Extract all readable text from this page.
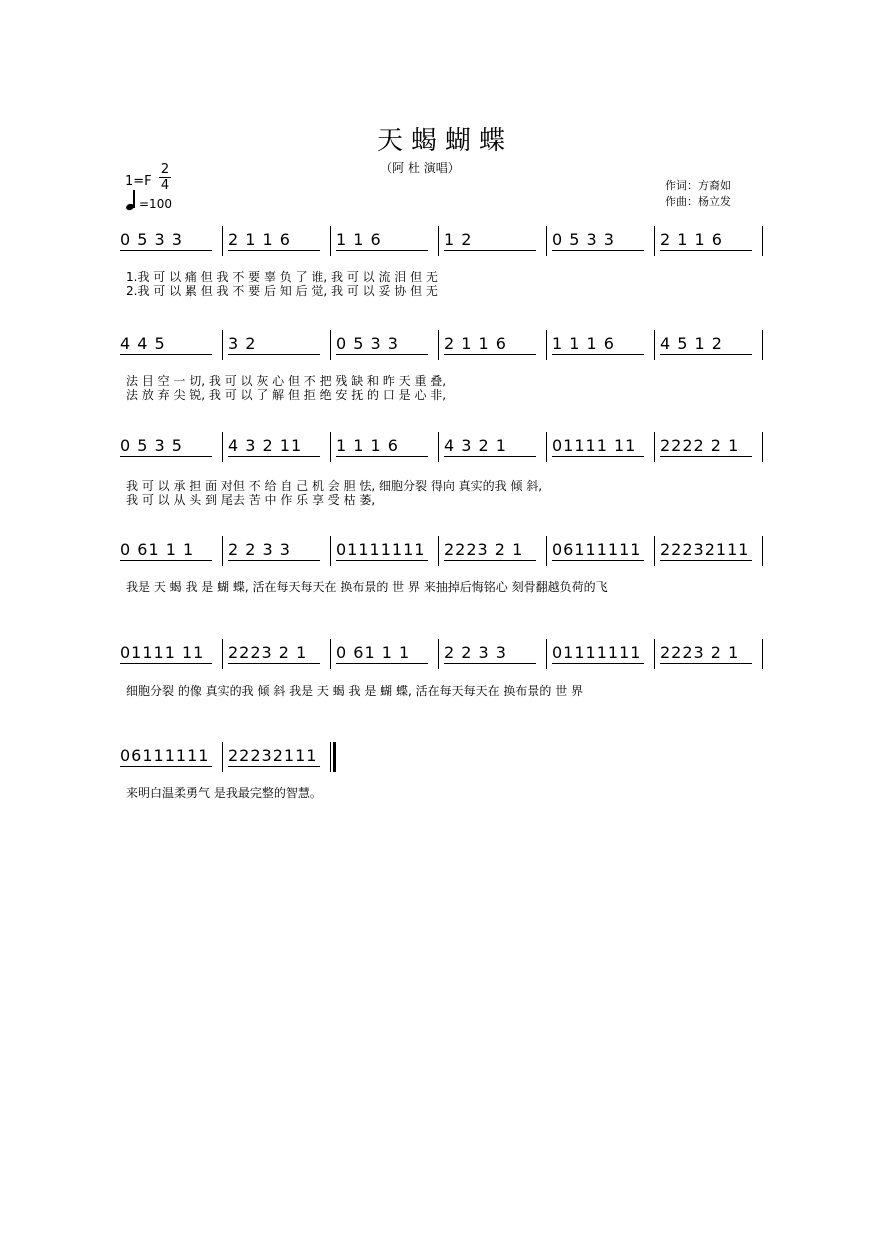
天蝎蝴蝶
（阿 杜 演唱）
1=F
2
4
=100
作词：方裔如
作曲：杨立发
0 5 3 3	2 1 1 6	1 1 6	1 2	0 5 3 3	2 1 1 6
1.我 可 以 痛 但 我 不 要 辜 负 了 谁, 我 可 以 流 泪 但 无
2.我 可 以 累 但 我 不 要 后 知 后 觉, 我 可 以 妥 协 但 无
4 4 5	3 2	0 5 3 3	2 1 1 6	1 1 1 6	4 5 1 2
法 目 空 一 切, 我 可 以 灰 心 但 不 把 残 缺 和 昨 天 重 叠,
法 放 弃 尖 锐, 我 可 以 了 解 但 拒 绝 安 抚 的 口 是 心 非,
0 5 3 5	4 3 2 11	1 1 1 6	4 3 2 1	01111 11	2222 2 1
我 可 以 承 担 面 对但 不 给 自 己 机 会 胆 怯, 细胞分裂 得向 真实的我 倾 斜,
我 可 以 从 头 到 尾去 苦 中 作 乐 享 受 枯 萎,
0 61 1 1	2 2 3 3	01111111	2223 2 1	06111111	22232111
我是 天 蝎 我 是 蝴 蝶, 活在每天每天在 换布景的 世 界 来抽掉后悔铭心 刻骨翻越负荷的飞
01111 11	2223 2 1	0 61 1 1	2 2 3 3	01111111	2223 2 1
细胞分裂 的像 真实的我 倾 斜 我是 天 蝎 我 是 蝴 蝶, 活在每天每天在 换布景的 世 界
06111111	22232111
来明白温柔勇气 是我最完整的智慧。
